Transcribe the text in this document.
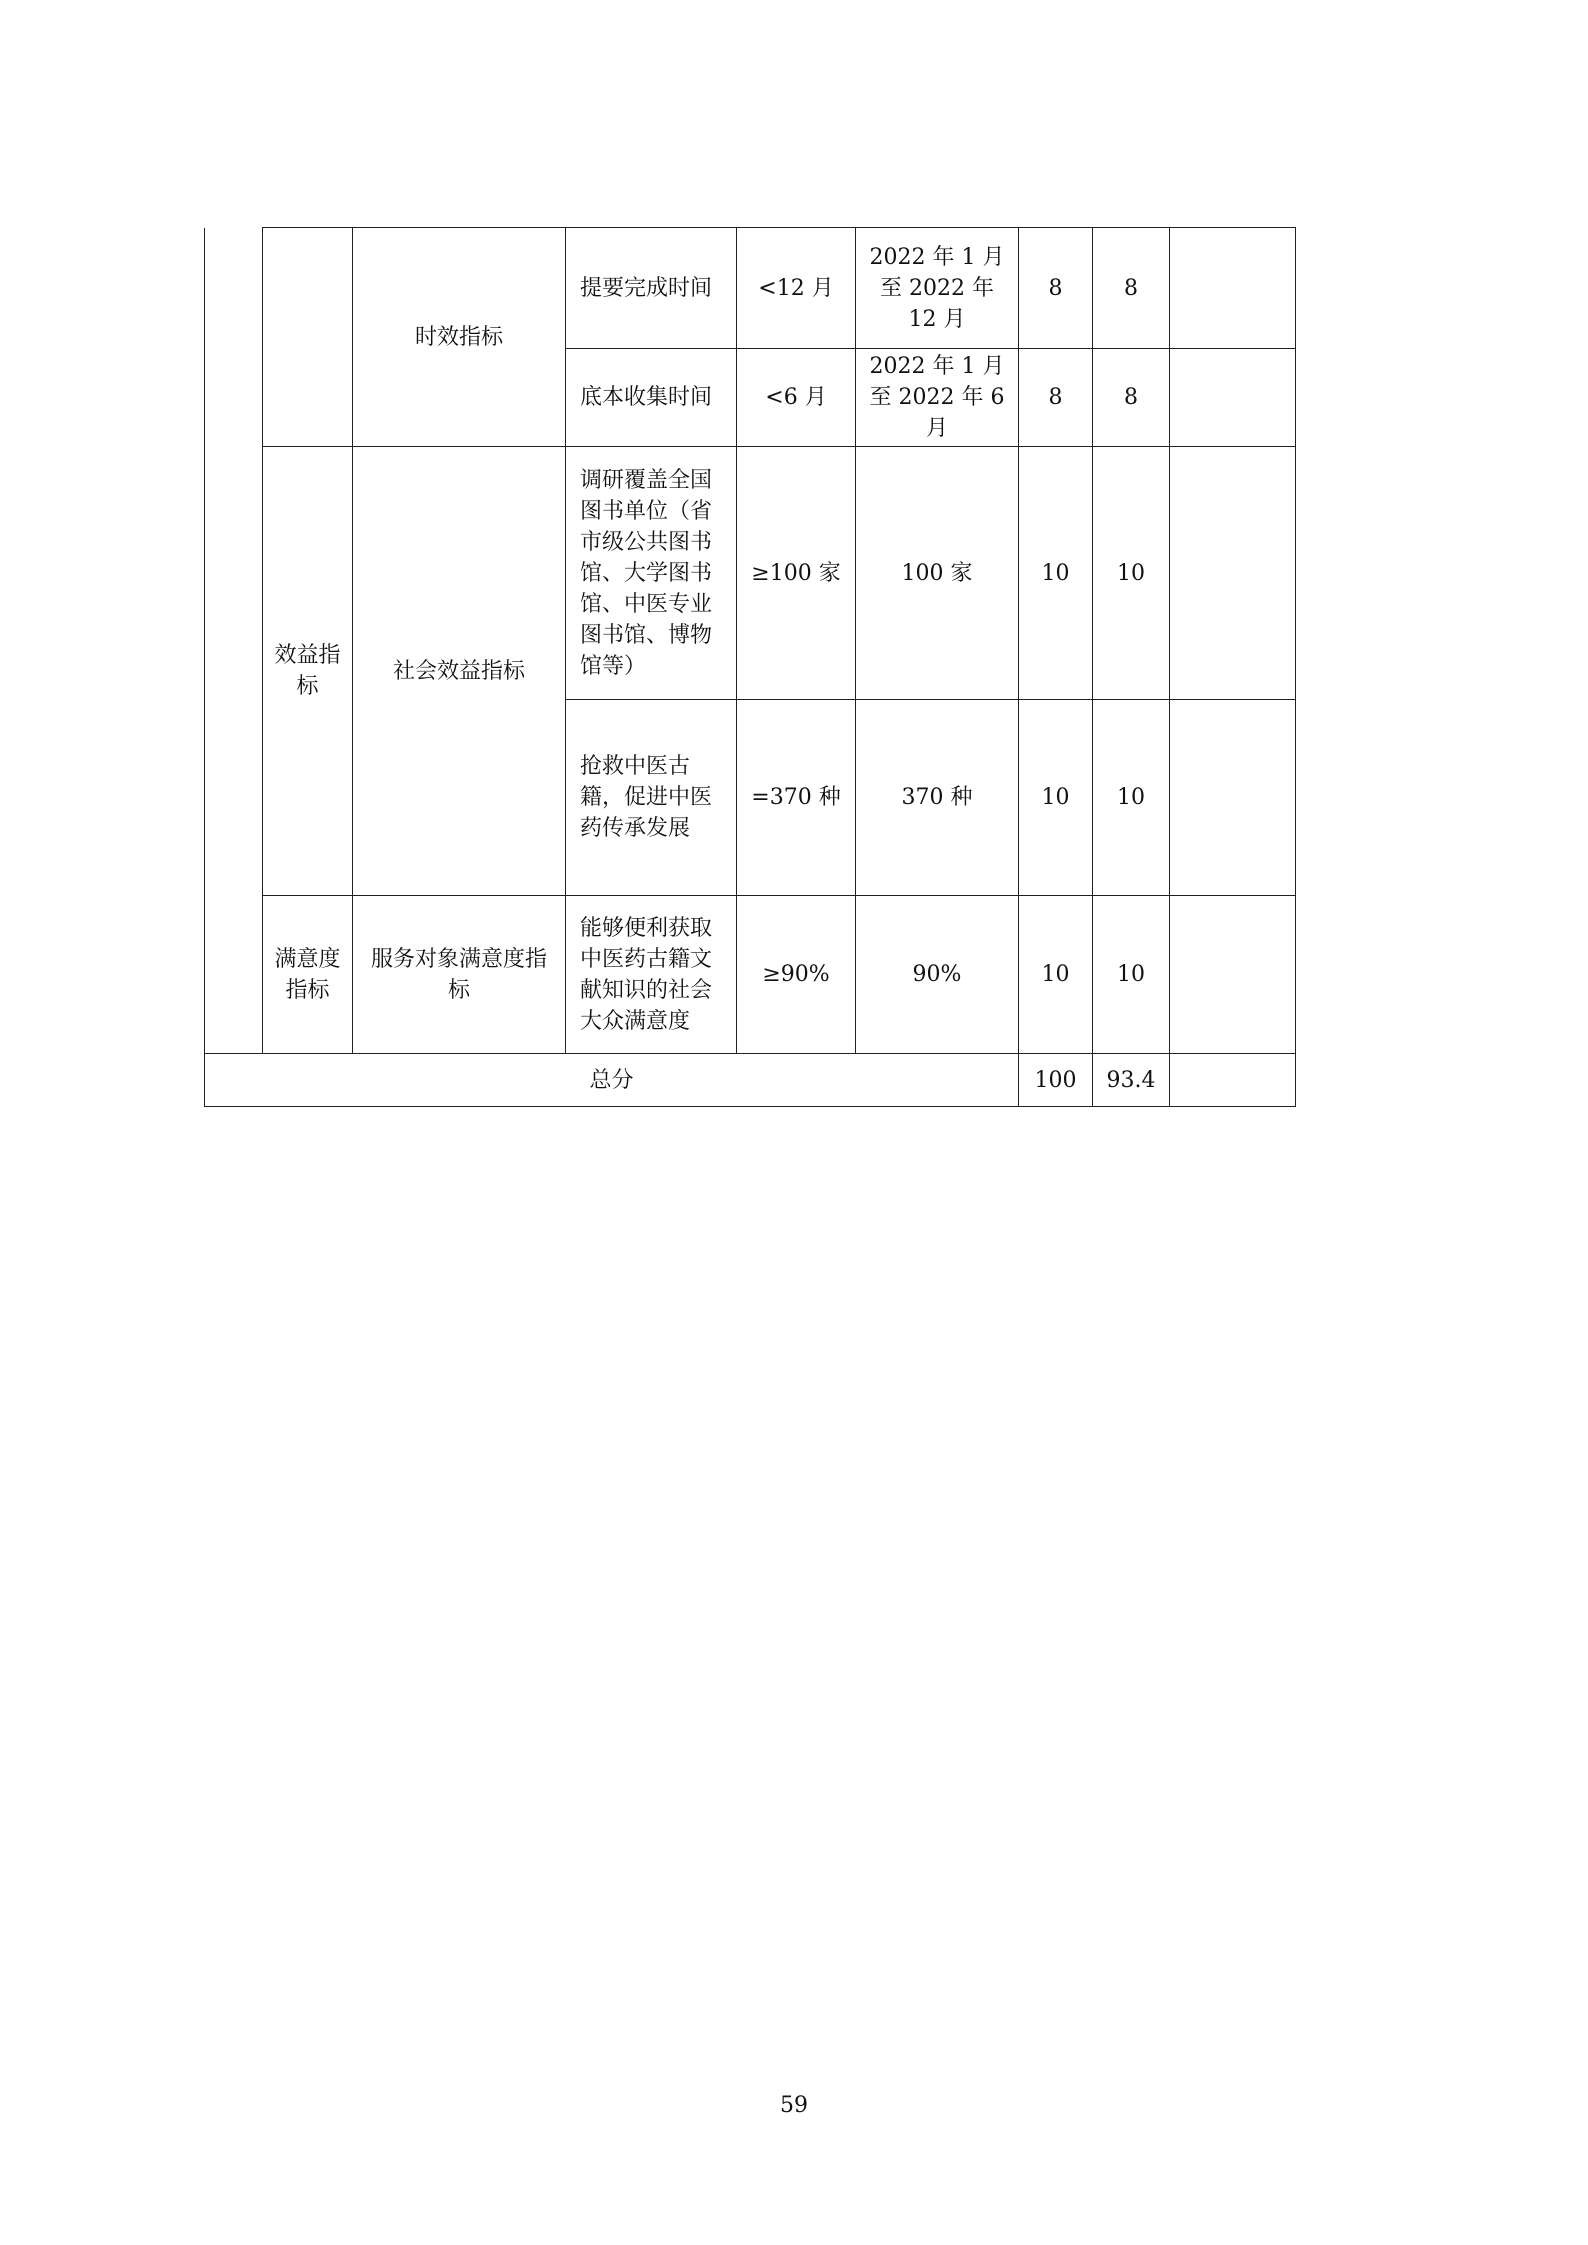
		时效指标	提要完成时间	<12 月	2022 年 1 月至 2022 年 12 月	8	8	
			底本收集时间	<6 月	2022 年 1 月至 2022 年 6 月	8	8	
	效益指标	社会效益指标	调研覆盖全国图书单位（省市级公共图书馆、大学图书馆、中医专业图书馆、博物馆等）	≥100 家	100 家	10	10	
			抢救中医古籍，促进中医药传承发展	=370 种	370 种	10	10	
	满意度指标	服务对象满意度指标	能够便利获取中医药古籍文献知识的社会大众满意度	≥90%	90%	10	10	
总分						100	93.4	
59
